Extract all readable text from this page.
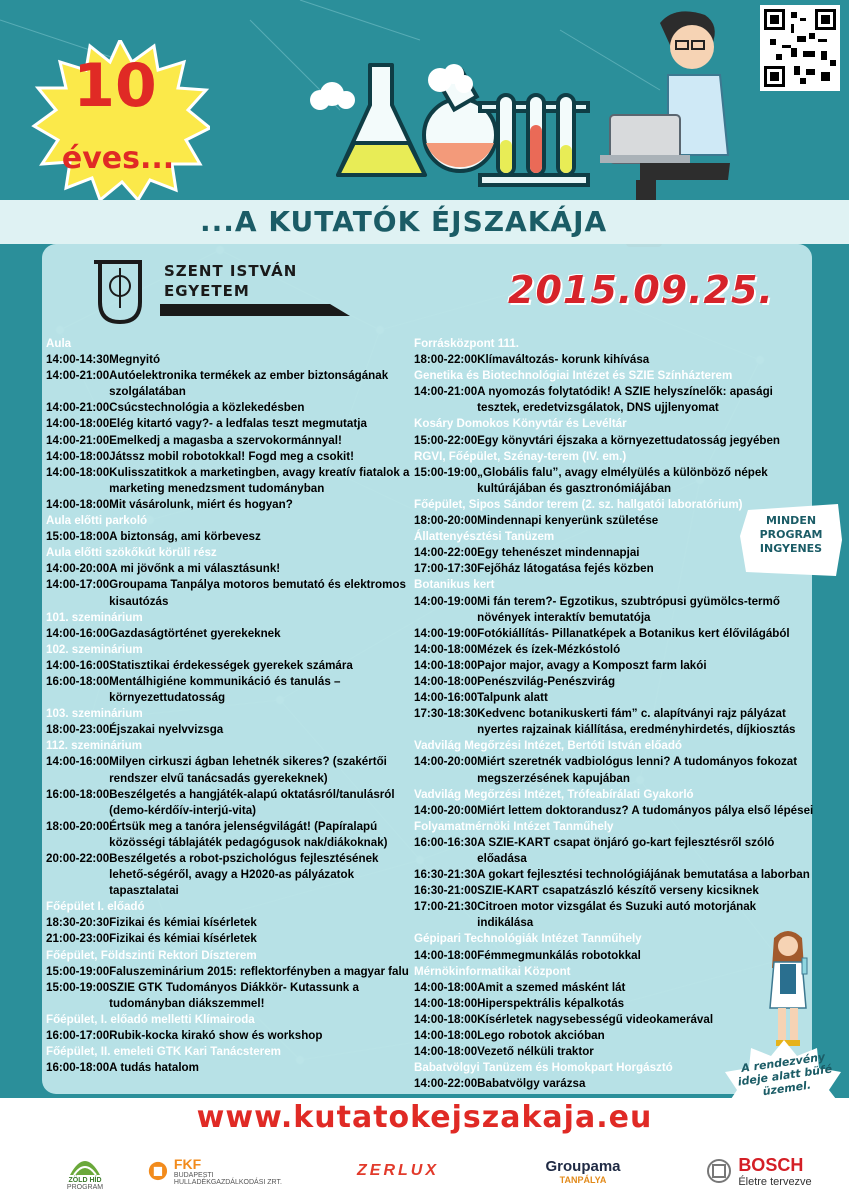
10
éves...
...A KUTATÓK ÉJSZAKÁJA
SZENT ISTVÁN
EGYETEM	2015.09.25.
Aula
14:00-14:30 Megnyitó
14:00-21:00 Autóelektronika termékek az ember biztonságának szolgálatában
14:00-21:00 Csúcstechnológia a közlekedésben
14:00-18:00 Elég kitartó vagy?- a ledfalas teszt megmutatja
14:00-21:00 Emelkedj a magasba a szervokormánnyal!
14:00-18:00 Játssz mobil robotokkal! Fogd meg a csokit!
14:00-18:00 Kulisszatitkok a marketingben, avagy kreatív fiatalok a marketing menedzsment tudományban
14:00-18:00 Mit vásárolunk, miért és hogyan?
Aula előtti parkoló
15:00-18:00 A biztonság, ami körbevesz
Aula előtti szökőkút körüli rész
14:00-20:00 A mi jövőnk a mi választásunk!
14:00-17:00 Groupama Tanpálya motoros bemutató és elektromos kisautózás
101. szeminárium
14:00-16:00 Gazdaságtörténet gyerekeknek
102. szeminárium
14:00-16:00 Statisztikai érdekességek gyerekek számára
16:00-18:00 Mentálhigiéne kommunikáció és tanulás – környezettudatosság
103. szeminárium
18:00-23:00 Éjszakai nyelvvizsga
112. szeminárium
14:00-16:00 Milyen cirkuszi ágban lehetnék sikeres? (szakértői rendszer elvű tanácsadás gyerekeknek)
16:00-18:00 Beszélgetés a hangjáték-alapú oktatásról/tanulásról (demo-kérdőív-interjú-vita)
18:00-20:00 Értsük meg a tanóra jelenségvilágát! (Papíralapú közösségi táblajáték pedagógusok nak/diákoknak)
20:00-22:00 Beszélgetés a robot-pszichológus fejlesztésének lehető-ségéről, avagy a H2020-as pályázatok tapasztalatai
Főépület I. előadó
18:30-20:30 Fizikai és kémiai kísérletek
21:00-23:00 Fizikai és kémiai kísérletek
Főépület, Földszinti Rektori Díszterem
15:00-19:00 Faluszeminárium 2015: reflektorfényben a magyar falu
15:00-19:00 SZIE GTK Tudományos Diákkör- Kutassunk a tudományban diákszemmel!
Főépület, I. előadó melletti Klímairoda
16:00-17:00 Rubik-kocka kirakó show és workshop
Főépület, II. emeleti GTK Kari Tanácsterem
16:00-18:00 A tudás hatalom
Forrásközpont 111.
18:00-22:00 Klímaváltozás- korunk kihívása
Genetika és Biotechnológiai Intézet és SZIE Színházterem
14:00-21:00 A nyomozás folytatódik! A SZIE helyszínelők: apasági tesztek, eredetvizsgálatok, DNS ujjlenyomat
Kosáry Domokos Könyvtár és Levéltár
15:00-22:00 Egy könyvtári éjszaka a környezettudatosság jegyében
RGVI, Főépület, Szénay-terem (IV. em.)
15:00-19:00 „Globális falu”, avagy elmélyülés a különböző népek kultúrájában és gasztronómiájában
Főépület, Sipos Sándor terem (2. sz. hallgatói laboratórium)
18:00-20:00 Mindennapi kenyerünk születése
Állattenyésztési Tanüzem
14:00-22:00 Egy tehenészet mindennapjai
17:00-17:30 Fejőház látogatása fejés közben
Botanikus kert
14:00-19:00 Mi fán terem?- Egzotikus, szubtrópusi gyümölcs-termő növények interaktív bemutatója
14:00-19:00 Fotókiállítás- Pillanatképek a Botanikus kert élővilágából
14:00-18:00 Mézek és ízek-Mézkóstoló
14:00-18:00 Pajor major, avagy a Komposzt farm lakói
14:00-18:00 Penészvilág-Penészvirág
14:00-16:00 Talpunk alatt
17:30-18:30 Kedvenc botanikuskerti fám” c. alapítványi rajz pályázat nyertes rajzainak kiállítása, eredményhirdetés, díjkiosztás
Vadvilág Megőrzési Intézet, Bertóti István előadó
14:00-20:00 Miért szeretnék vadbiológus lenni? A tudományos fokozat megszerzésének kapujában
Vadvilág Megőrzési Intézet, Trófeabírálati Gyakorló
14:00-20:00 Miért lettem doktorandusz? A tudományos pálya első lépései
Folyamatmérnöki Intézet Tanműhely
16:00-16:30 A SZIE-KART csapat önjáró go-kart fejlesztésről szóló előadása
16:30-21:30 A gokart fejlesztési technológiájának bemutatása a laborban
16:30-21:00 SZIE-KART csapatzászló készítő verseny kicsiknek
17:00-21:30 Citroen motor vizsgálat és Suzuki autó motorjának indikálása
Gépipari Technológiák Intézet Tanműhely
14:00-18:00 Fémmegmunkálás robotokkal
Mérnökinformatikai Központ
14:00-18:00 Amit a szemed másként lát
14:00-18:00 Hiperspektrális képalkotás
14:00-18:00 Kísérletek nagysebességű videokamerával
14:00-18:00 Lego robotok akcióban
14:00-18:00 Vezető nélküli traktor
Babatvölgyi Tanüzem és Homokpart Horgásztó
14:00-22:00 Babatvölgy varázsa
MINDEN PROGRAM INGYENES
A rendezvény ideje alatt büfé üzemel.
www.kutatokejszakaja.eu
ZÖLD HÍD
PROGRAM
FKF
BUDAPESTI HULLADÉKGAZDÁLKODÁSI ZRT.
ZERLUX	Groupama
TANPÁLYA
BOSCH
Életre tervezve
